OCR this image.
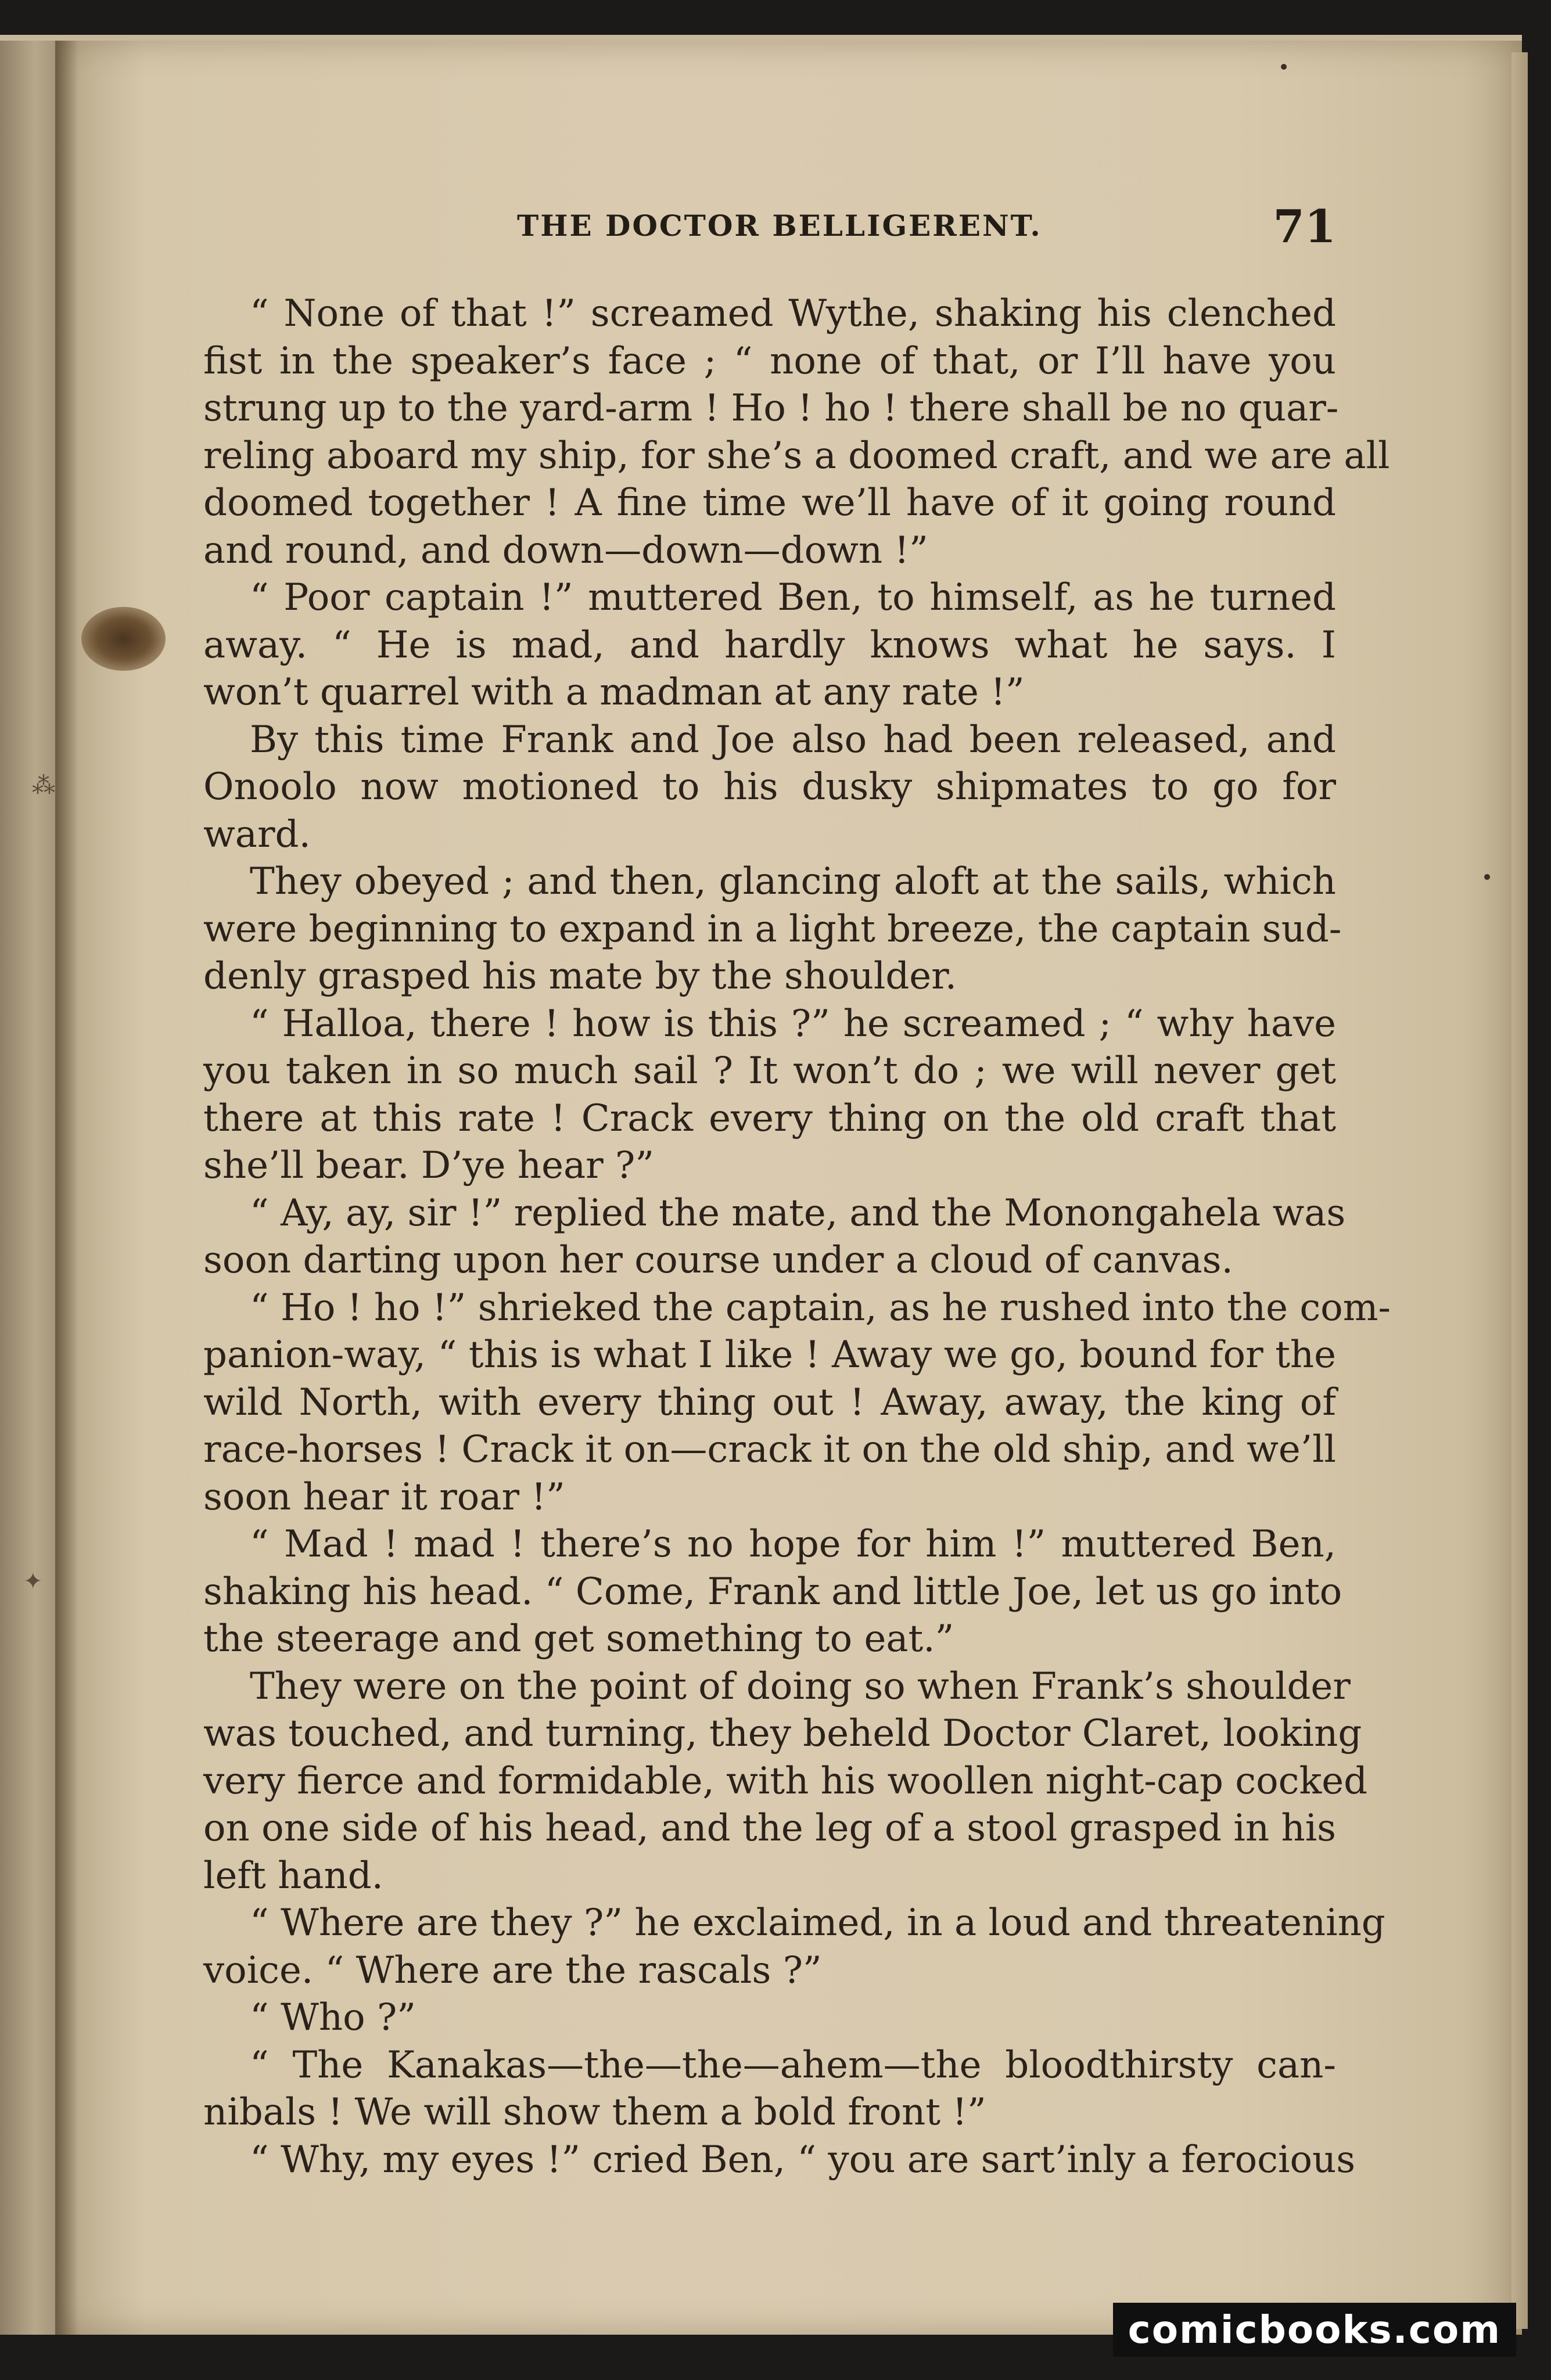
⁂
✦
THE DOCTOR BELLIGERENT.	71
“ None of that !” screamed Wythe, shaking his clenched
fist in the speaker’s face ; “ none of that, or I’ll have you
strung up to the yard-arm ! Ho ! ho ! there shall be no quar-
reling aboard my ship, for she’s a doomed craft, and we are all
doomed together ! A fine time we’ll have of it going round
and round, and down—down—down !”
“ Poor captain !” muttered Ben, to himself, as he turned
away. “ He is mad, and hardly knows what he says. I
won’t quarrel with a madman at any rate !”
By this time Frank and Joe also had been released, and
Onoolo now motioned to his dusky shipmates to go for
ward.
They obeyed ; and then, glancing aloft at the sails, which
were beginning to expand in a light breeze, the captain sud-
denly grasped his mate by the shoulder.
“ Halloa, there ! how is this ?” he screamed ; “ why have
you taken in so much sail ? It won’t do ; we will never get
there at this rate ! Crack every thing on the old craft that
she’ll bear. D’ye hear ?”
“ Ay, ay, sir !” replied the mate, and the Monongahela was
soon darting upon her course under a cloud of canvas.
“ Ho ! ho !” shrieked the captain, as he rushed into the com-
panion-way, “ this is what I like ! Away we go, bound for the
wild North, with every thing out ! Away, away, the king of
race-horses ! Crack it on—crack it on the old ship, and we’ll
soon hear it roar !”
“ Mad ! mad ! there’s no hope for him !” muttered Ben,
shaking his head. “ Come, Frank and little Joe, let us go into
the steerage and get something to eat.”
They were on the point of doing so when Frank’s shoulder
was touched, and turning, they beheld Doctor Claret, looking
very fierce and formidable, with his woollen night-cap cocked
on one side of his head, and the leg of a stool grasped in his
left hand.
“ Where are they ?” he exclaimed, in a loud and threatening
voice. “ Where are the rascals ?”
“ Who ?”
“ The Kanakas—the—the—ahem—the bloodthirsty can-
nibals ! We will show them a bold front !”
“ Why, my eyes !” cried Ben, “ you are sart’inly a ferocious
comicbooks.com
